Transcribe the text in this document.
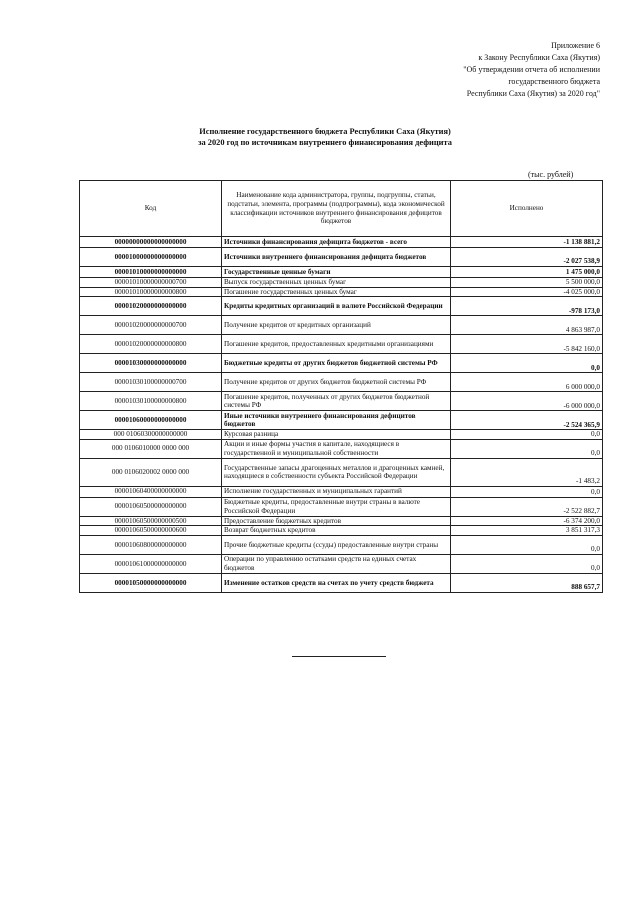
Приложение 6
к Закону Республики Саха (Якутия)
"Об утверждении отчета об исполнении
государственного бюджета
Республики Саха (Якутия) за 2020 год"
Исполнение государственного бюджета Республики Саха (Якутия)
за 2020 год по источникам внутреннего финансирования дефицита
(тыс. рублей)
Код	Наименование кода администратора, группы, подгруппы, статьи, подстатьи, элемента, программы (подпрограммы), кода экономической классификации источников внутреннего финансирования дефицитов бюджетов	Исполнено
00000000000000000000	Источники финансирования дефицита бюджетов - всего	-1 138 881,2
00001000000000000000	Источники внутреннего финансирования дефицита бюджетов	-2 027 538,9
00001010000000000000	Государственные ценные бумаги	1 475 000,0
00001010000000000700	Выпуск государственных ценных бумаг	5 500 000,0
00001010000000000800	Погашение государственных ценных бумаг	-4 025 000,0
00001020000000000000	Кредиты кредитных организаций в валюте Российской Федерации	-978 173,0
00001020000000000700	Получение кредитов от кредитных организаций	4 863 987,0
00001020000000000800	Погашение кредитов, предоставленных кредитными организациями	-5 842 160,0
00001030000000000000	Бюджетные кредиты от других бюджетов бюджетной системы РФ	0,0
00001030100000000700	Получение кредитов от других бюджетов бюджетной системы РФ	6 000 000,0
00001030100000000800	Погашение кредитов, полученных от других бюджетов бюджетной системы РФ	-6 000 000,0
00001060000000000000	Иные источники внутреннего финансирования дефицитов бюджетов	-2 524 365,9
000 01060300000000000	Курсовая разница	0,0
000 0106010000 0000 000	Акции и иные формы участия в капитале, находящиеся в государственной и муниципальной собственности	0,0
000 0106020002 0000 000	Государственные запасы драгоценных металлов и драгоценных камней, находящиеся в собственности субъекта Российской Федерации	-1 483,2
00001060400000000000	Исполнение государственных и муниципальных гарантий	0,0
00001060500000000000	Бюджетные кредиты, предоставленные внутри страны в валюте Российской Федерации	-2 522 882,7
00001060500000000500	Предоставление бюджетных кредитов	-6 374 200,0
00001060500000000600	Возврат бюджетных кредитов	3 851 317,3
00001060800000000000	Прочие бюджетные кредиты (ссуды) предоставленные внутри страны	0,0
00001061000000000000	Операции по управлению остатками средств на единых счетах бюджетов	0,0
00001050000000000000	Изменение остатков средств на счетах по учету средств бюджета	888 657,7
